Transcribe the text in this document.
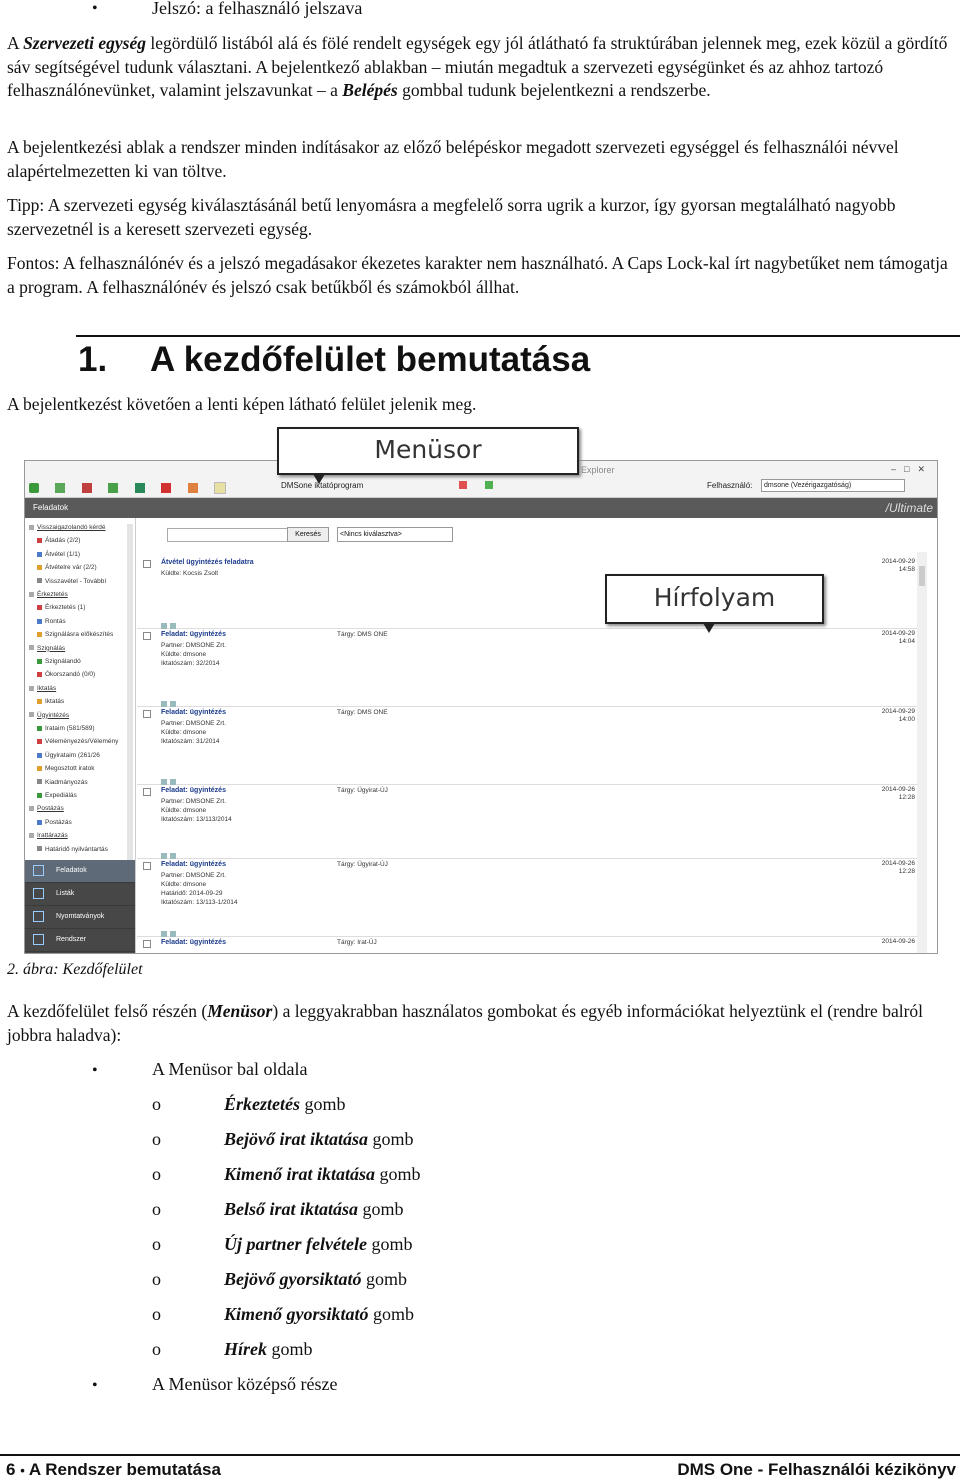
•	Jelszó: a felhasználó jelszava

A Szervezeti egység legördülő listából alá és fölé rendelt egységek egy jól átlátható fa struktúrában jelennek meg, ezek közül a gördítő sáv segítségével tudunk választani. A bejelentkező ablakban – miután megadtuk a szervezeti egységünket és az ahhoz tartozó felhasználónevünket, valamint jelszavunkat – a Belépés gombbal tudunk bejelentkezni a rendszerbe.

A bejelentkezési ablak a rendszer minden indításakor az előző belépéskor megadott szervezeti egységgel és felhasználói névvel alapértelmezetten ki van töltve.

Tipp: A szervezeti egység kiválasztásánál betű lenyomásra a megfelelő sorra ugrik a kurzor, így gyorsan megtalálható nagyobb szervezetnél is a keresett szervezeti egység.

Fontos: A felhasználónév és a jelszó megadásakor ékezetes karakter nem használható. A Caps Lock-kal írt nagybetűket nem támogatja a program. A felhasználónév és jelszó csak betűkből és számokból állhat.

1. A kezdőfelület bemutatása

A bejelentkezést követően a lenti képen látható felület jelenik meg.

DMSone iktatóprogram
Explorer	–□✕
Felhasználó:	dmsone (Vezérigazgatóság)
Feladatok	/Ultimate
Visszaigazolandó kérdé
Átadás (2/2)
Átvétel (1/1)
Átvételre vár (2/2)
Visszavétel - Továbbí
Érkeztetés
Érkeztetés (1)
Rontás
Szignálásra előkészítés
Szignálás
Szignálandó
Ókorszandó (0/0)
Iktatás
Iktatás
Ügyintézés
Irataim (581/589)
Véleményezés/Vélemény
Ügyirataim (261/26
Megosztott iratok
Kiadmányozás
Expediálás
Postázás
Postázás
Irattárazás
Határidő nyilvántartás
Feladatok
Listák
Nyomtatványok
Rendszer
Keresés	<Nincs kiválasztva>
Átvétel ügyintézés feladatra
Küldte: Kocsis Zsolt
2014-09-29
14:58
Feladat: ügyintézés
Partner: DMSONE Zrt.
Küldte: dmsone
Iktatószám: 32/2014
Tárgy: DMS ONE	2014-09-29
14:04
Feladat: ügyintézés
Partner: DMSONE Zrt.
Küldte: dmsone
Iktatószám: 31/2014
Tárgy: DMS ONE	2014-09-29
14:00
Feladat: ügyintézés
Partner: DMSONE Zrt.
Küldte: dmsone
Iktatószám: 13/113/2014
Tárgy: Ügyirat-ÚJ	2014-09-26
12:28
Feladat: ügyintézés
Partner: DMSONE Zrt.
Küldte: dmsone
Határidő: 2014-09-29
Iktatószám: 13/113-1/2014
Tárgy: Ügyirat-ÚJ	2014-09-26
12:28
Feladat: ügyintézés	Tárgy: Irat-ÚJ	2014-09-26
Menüsor
Hírfolyam
2. ábra: Kezdőfelület

A kezdőfelület felső részén (Menüsor) a leggyakrabban használatos gombokat és egyéb információkat helyeztünk el (rendre balról jobbra haladva):

•	A Menüsor bal oldala
o	Érkeztetés gomb
o	Bejövő irat iktatása gomb
o	Kimenő irat iktatása gomb
o	Belső irat iktatása gomb
o	Új partner felvétele gomb
o	Bejövő gyorsiktató gomb
o	Kimenő gyorsiktató gomb
o	Hírek gomb
•	A Menüsor középső része
6 • A Rendszer bemutatása	DMS One - Felhasználói kézikönyv
